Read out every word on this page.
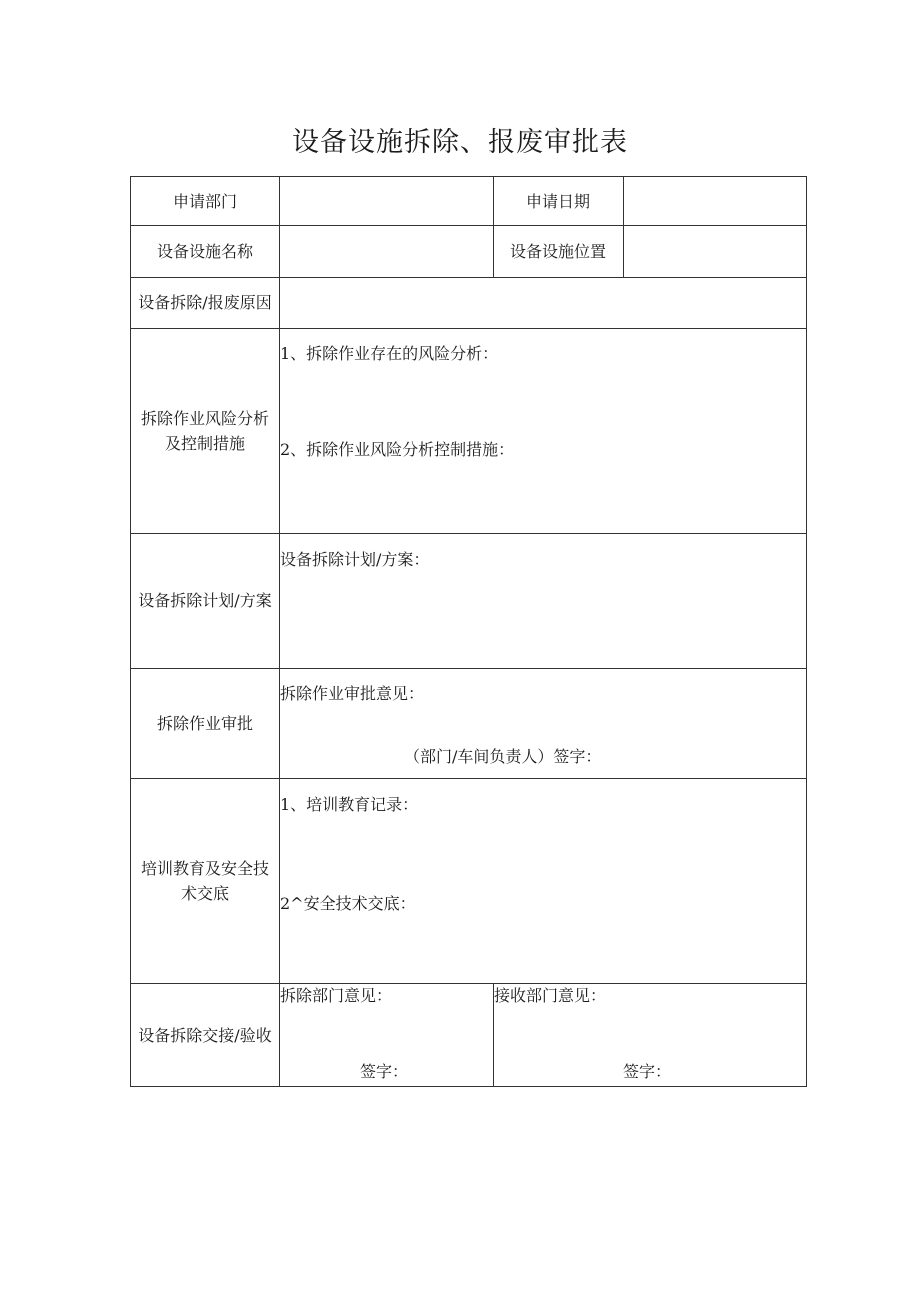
设备设施拆除、报废审批表
申请部门	申请日期
设备设施名称	设备设施位置
设备拆除/报废原因
拆除作业风险分析及控制措施
1、拆除作业存在的风险分析：
2、拆除作业风险分析控制措施：
设备拆除计划/方案
设备拆除计划/方案：
拆除作业审批
拆除作业审批意见：
（部门/车间负责人）签字：
培训教育及安全技术交底
1、培训教育记录：
2^安全技术交底：
设备拆除交接/验收
拆除部门意见：
签字：
接收部门意见：
签字：
